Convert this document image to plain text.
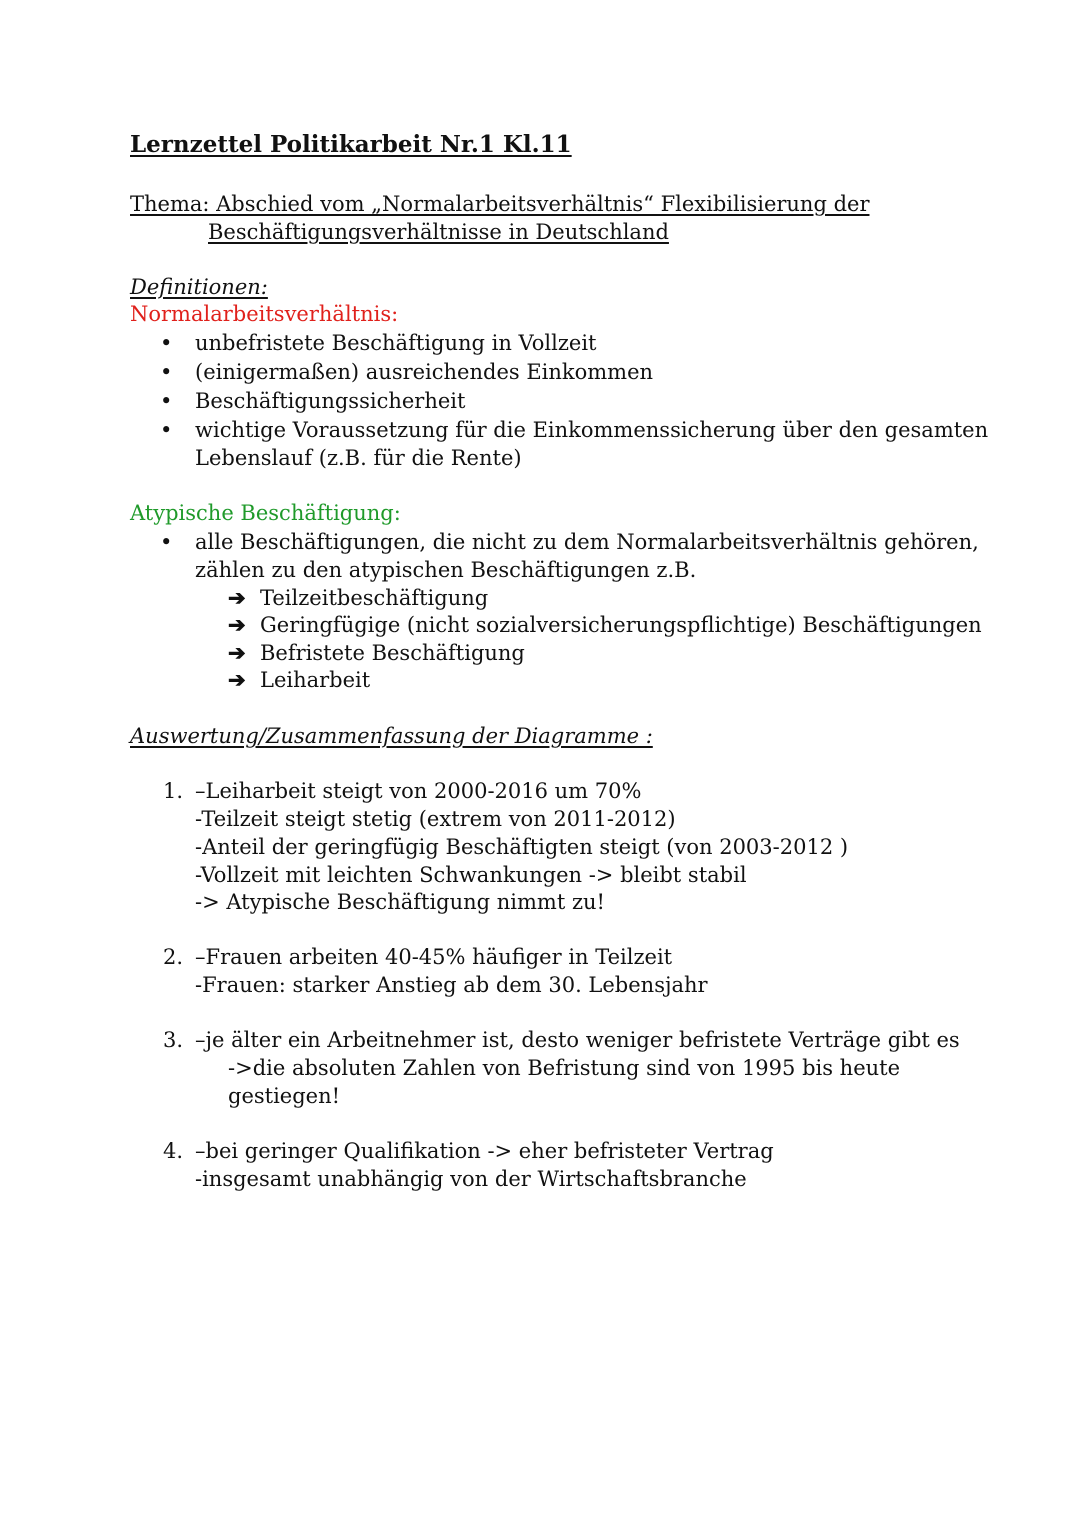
Lernzettel Politikarbeit Nr.1 Kl.11
Thema: Abschied vom „Normalarbeitsverhältnis“ Flexibilisierung der
Beschäftigungsverhältnisse in Deutschland
Definitionen:
Normalarbeitsverhältnis:
• unbefristete Beschäftigung in Vollzeit
• (einigermaßen) ausreichendes Einkommen
• Beschäftigungssicherheit
• wichtige Voraussetzung für die Einkommenssicherung über den gesamten
Lebenslauf (z.B. für die Rente)
Atypische Beschäftigung:
• alle Beschäftigungen, die nicht zu dem Normalarbeitsverhältnis gehören,
zählen zu den atypischen Beschäftigungen z.B.
➔ Teilzeitbeschäftigung
➔ Geringfügige (nicht sozialversicherungspflichtige) Beschäftigungen
➔ Befristete Beschäftigung
➔ Leiharbeit
Auswertung/Zusammenfassung der Diagramme :
1. –Leiharbeit steigt von 2000-2016 um 70%
-Teilzeit steigt stetig (extrem von 2011-2012)
-Anteil der geringfügig Beschäftigten steigt (von 2003-2012 )
-Vollzeit mit leichten Schwankungen -> bleibt stabil
-> Atypische Beschäftigung nimmt zu!
2. –Frauen arbeiten 40-45% häufiger in Teilzeit
-Frauen: starker Anstieg ab dem 30. Lebensjahr
3. –je älter ein Arbeitnehmer ist, desto weniger befristete Verträge gibt es
->die absoluten Zahlen von Befristung sind von 1995 bis heute
gestiegen!
4. –bei geringer Qualifikation -> eher befristeter Vertrag
-insgesamt unabhängig von der Wirtschaftsbranche
